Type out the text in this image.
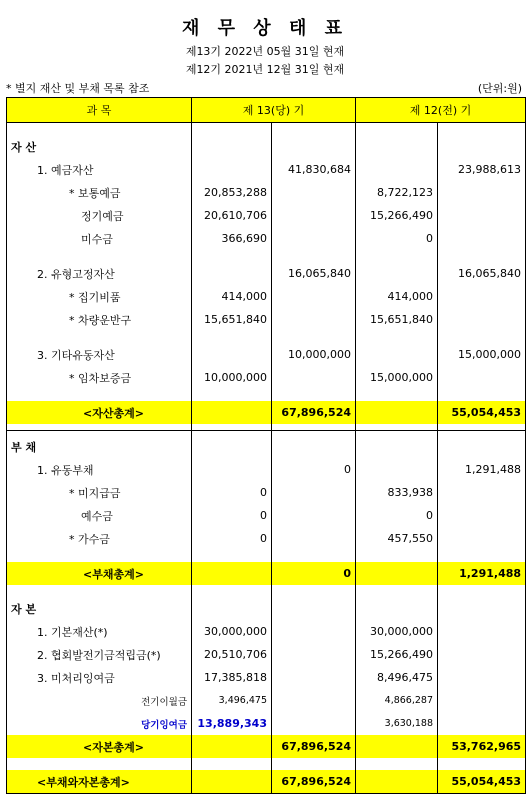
재 무 상 태 표
제13기 2022년 05월 31일 현재
제12기 2021년 12월 31일 현재
* 별지 재산 및 부채 목록 참조	(단위:원)
과 목	제 13(당) 기		제 12(전) 기	

자 산				
1. 예금자산		41,830,684		23,988,613
* 보통예금	20,853,288		8,722,123	
정기예금	20,610,706		15,266,490	
미수금	366,690		0	

2. 유형고정자산		16,065,840		16,065,840
* 집기비품	414,000		414,000	
* 차량운반구	15,651,840		15,651,840	

3. 기타유동자산		10,000,000		15,000,000
* 임차보증금	10,000,000		15,000,000	

<자산총계>		67,896,524		55,054,453

부 채				
1. 유동부채		0		1,291,488
* 미지급금	0		833,938	
예수금	0		0	
* 가수금	0		457,550	

<부채총계>		0		1,291,488

자 본				
1. 기본재산(*)	30,000,000		30,000,000	
2. 협회발전기금적립금(*)	20,510,706		15,266,490	
3. 미처리잉여금	17,385,818		8,496,475	
전기이월금	3,496,475		4,866,287	
당기잉여금	13,889,343		3,630,188	
<자본총계>		67,896,524		53,762,965

<부채와자본총계>		67,896,524		55,054,453
